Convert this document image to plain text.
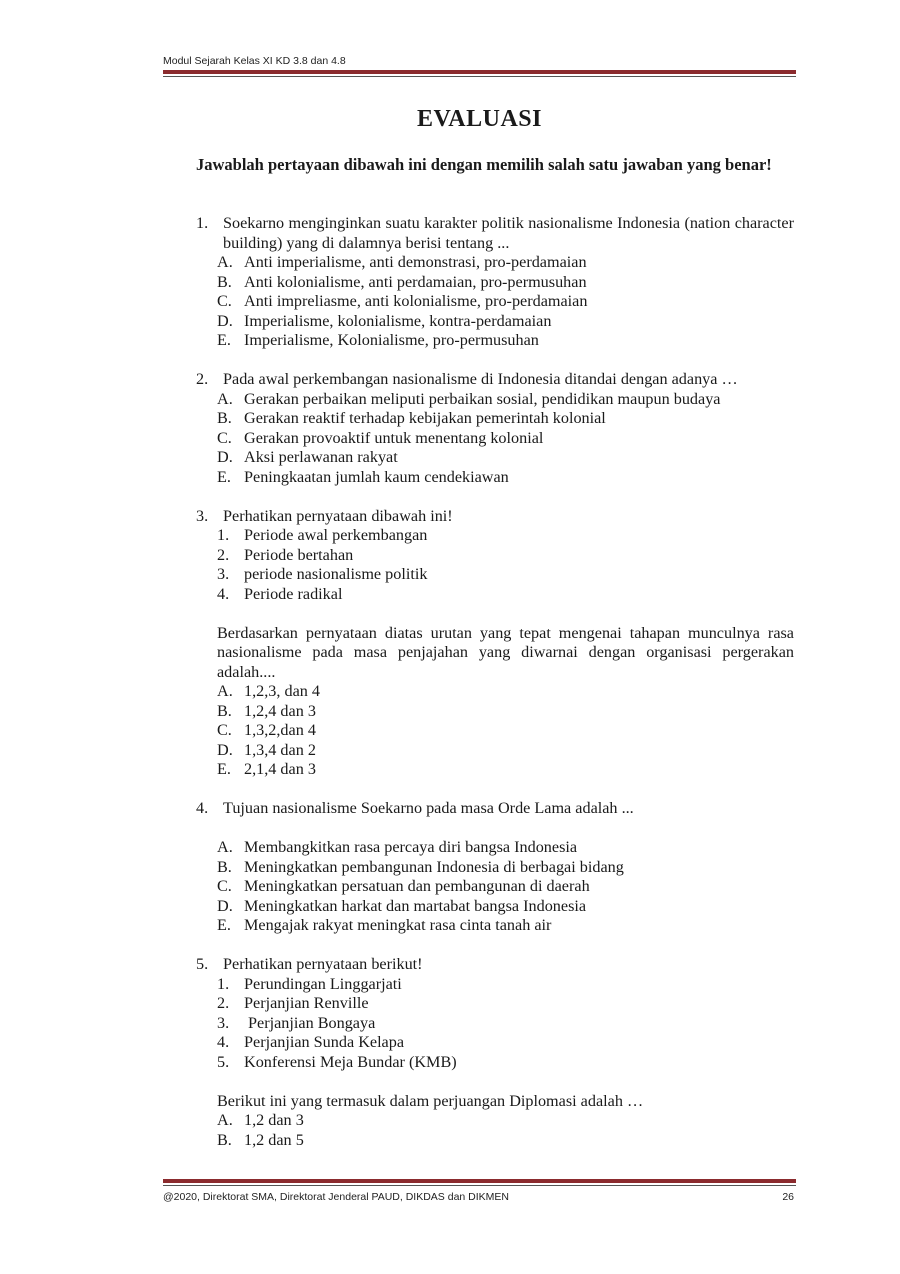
Modul Sejarah Kelas XI KD 3.8 dan 4.8
EVALUASI
Jawablah pertayaan dibawah ini dengan memilih salah satu jawaban yang benar!
1. Soekarno menginginkan suatu karakter politik nasionalisme Indonesia (nation character building) yang di dalamnya berisi tentang ...
A. Anti imperialisme, anti demonstrasi, pro-perdamaian
B. Anti kolonialisme, anti perdamaian, pro-permusuhan
C. Anti impreliasme, anti kolonialisme, pro-perdamaian
D. Imperialisme, kolonialisme, kontra-perdamaian
E. Imperialisme, Kolonialisme, pro-permusuhan
2. Pada awal perkembangan nasionalisme di Indonesia ditandai dengan adanya …
A. Gerakan perbaikan meliputi perbaikan sosial, pendidikan maupun budaya
B. Gerakan reaktif terhadap kebijakan pemerintah kolonial
C. Gerakan provoaktif untuk menentang kolonial
D. Aksi perlawanan rakyat
E. Peningkaatan jumlah kaum cendekiawan
3. Perhatikan pernyataan dibawah ini!
1. Periode awal perkembangan
2. Periode bertahan
3. periode nasionalisme politik
4. Periode radikal
Berdasarkan pernyataan diatas urutan yang tepat mengenai tahapan munculnya rasa nasionalisme pada masa penjajahan yang diwarnai dengan organisasi pergerakan adalah....
A. 1,2,3, dan 4
B. 1,2,4 dan 3
C. 1,3,2,dan 4
D. 1,3,4 dan 2
E. 2,1,4 dan 3
4. Tujuan nasionalisme Soekarno pada masa Orde Lama adalah ...
A. Membangkitkan rasa percaya diri bangsa Indonesia
B. Meningkatkan pembangunan Indonesia di berbagai bidang
C. Meningkatkan persatuan dan pembangunan di daerah
D. Meningkatkan harkat dan martabat bangsa Indonesia
E. Mengajak rakyat meningkat rasa cinta tanah air
5. Perhatikan pernyataan berikut!
1. Perundingan Linggarjati
2. Perjanjian Renville
3. Perjanjian Bongaya
4. Perjanjian Sunda Kelapa
5. Konferensi Meja Bundar (KMB)
Berikut ini yang termasuk dalam perjuangan Diplomasi adalah …
A. 1,2 dan 3
B. 1,2 dan 5
@2020, Direktorat SMA, Direktorat Jenderal PAUD, DIKDAS dan DIKMEN	26
